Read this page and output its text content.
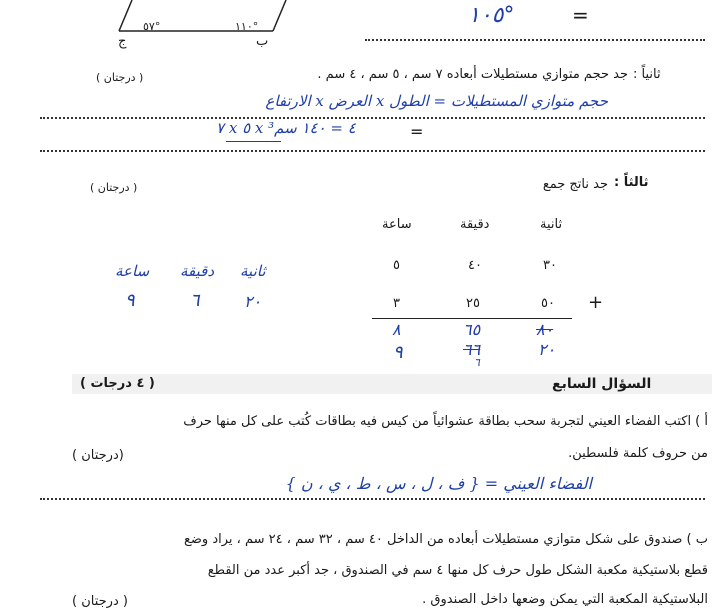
ج	ب
٥٧°	١١٠°	١٠٥°	=
ثانياً :
جد حجم متوازي مستطيلات أبعاده ٧ سم ، ٥ سم ، ٤ سم .
( درجتان )
حجم متوازي المستطيلات = الطول x العرض x الارتفاع
٧ x ٥ x ٤ = ١٤٠ سم³	=
ثالثاً :
جد ناتج جمع
( درجتان )
ساعة	دقيقة	ثانية
٥	٤٠	٣٠
٣	٢٥	٥٠ +
٨	٦٥	٨٠
٩	٦٦	٢٠
٦
ساعة دقيقة ثانية
٩	٦	٢٠
السؤال السابع
( ٤ درجات )
أ ) اكتب الفضاء العيني لتجربة سحب بطاقة عشوائياً من كيس فيه بطاقات كُتب على كل منها حرف
من حروف كلمة فلسطين.
( درجتان)
الفضاء العيني = { ف ، ل ، س ، ط ، ي ، ن }
ب ) صندوق على شكل متوازي مستطيلات أبعاده من الداخل ٤٠ سم ، ٣٢ سم ، ٢٤ سم ، يراد وضع
قطع بلاستيكية مكعبة الشكل طول حرف كل منها ٤ سم في الصندوق ، جد أكبر عدد من القطع
البلاستيكية المكعبة التي يمكن وضعها داخل الصندوق .
( درجتان )
